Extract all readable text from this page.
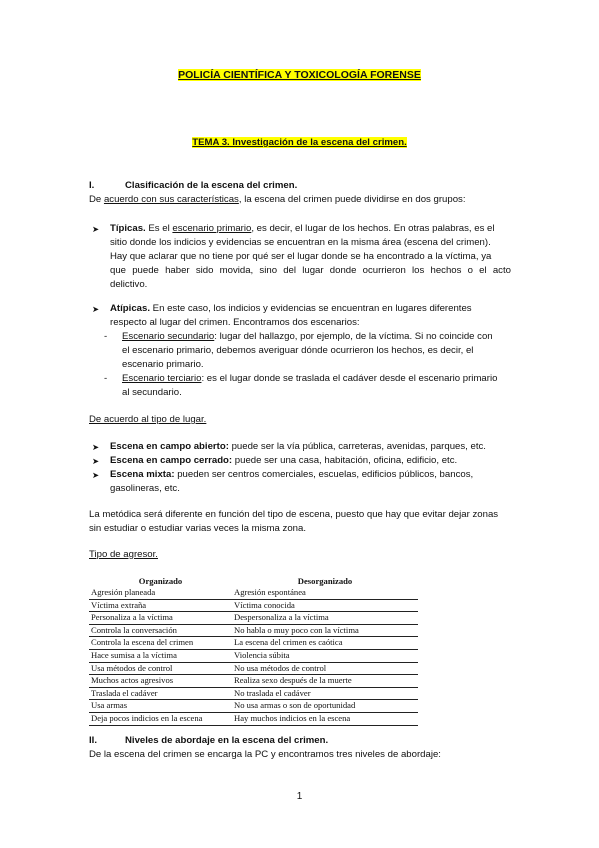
POLICÍA CIENTÍFICA Y TOXICOLOGÍA FORENSE
TEMA 3. Investigación de la escena del crimen.
I.	Clasificación de la escena del crimen.
De acuerdo con sus características, la escena del crimen puede dividirse en dos grupos:
➤ Típicas. Es el escenario primario, es decir, el lugar de los hechos. En otras palabras, es el
sitio donde los indicios y evidencias se encuentran en la misma área (escena del crimen).
Hay que aclarar que no tiene por qué ser el lugar donde se ha encontrado a la víctima, ya
que puede haber sido movida, sino del lugar donde ocurrieron los hechos o el acto
delictivo.
➤ Atípicas. En este caso, los indicios y evidencias se encuentran en lugares diferentes
respecto al lugar del crimen. Encontramos dos escenarios:
- Escenario secundario: lugar del hallazgo, por ejemplo, de la víctima. Si no coincide con
el escenario primario, debemos averiguar dónde ocurrieron los hechos, es decir, el
escenario primario.
- Escenario terciario: es el lugar donde se traslada el cadáver desde el escenario primario
al secundario.
De acuerdo al tipo de lugar.
➤ Escena en campo abierto: puede ser la vía pública, carreteras, avenidas, parques, etc.
➤ Escena en campo cerrado: puede ser una casa, habitación, oficina, edificio, etc.
➤ Escena mixta: pueden ser centros comerciales, escuelas, edificios públicos, bancos,
gasolineras, etc.
La metódica será diferente en función del tipo de escena, puesto que hay que evitar dejar zonas
sin estudiar o estudiar varias veces la misma zona.
Tipo de agresor.
Organizado	Desorganizado
Agresión planeada	Agresión espontánea
Víctima extraña	Víctima conocida
Personaliza a la víctima	Despersonaliza a la víctima
Controla la conversación	No habla o muy poco con la víctima
Controla la escena del crimen	La escena del crimen es caótica
Hace sumisa a la víctima	Violencia súbita
Usa métodos de control	No usa métodos de control
Muchos actos agresivos	Realiza sexo después de la muerte
Traslada el cadáver	No traslada el cadáver
Usa armas	No usa armas o son de oportunidad
Deja pocos indicios en la escena	Hay muchos indicios en la escena
II.	Niveles de abordaje en la escena del crimen.
De la escena del crimen se encarga la PC y encontramos tres niveles de abordaje:
1
